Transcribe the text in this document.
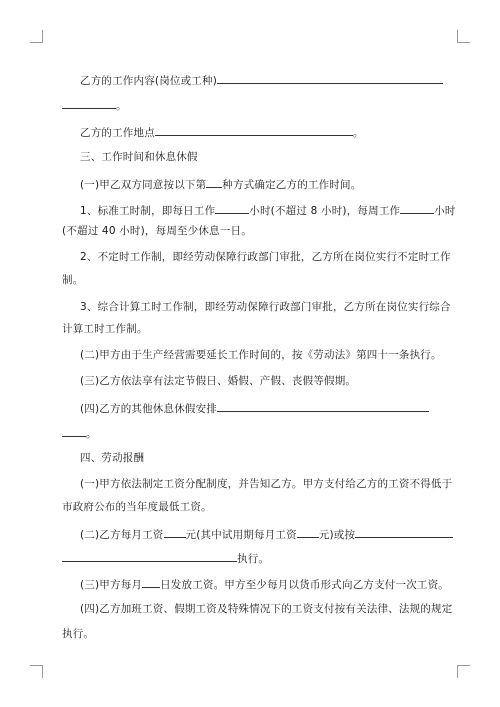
乙方的工作内容(岗位或工种)
。
乙方的工作地点	。
三、工作时间和休息休假
(一)甲乙双方同意按以下第 种方式确定乙方的工作时间。
1、标准工时制，即每日工作	小时(不超过 8 小时)，每周工作	小时
(不超过 40 小时)，每周至少休息一日。
2、不定时工作制，即经劳动保障行政部门审批，乙方所在岗位实行不定时工作
制。
3、综合计算工时工作制，即经劳动保障行政部门审批，乙方所在岗位实行综合
计算工时工作制。
(二)甲方由于生产经营需要延长工作时间的，按《劳动法》第四十一条执行。
(三)乙方依法享有法定节假日、婚假、产假、丧假等假期。
(四)乙方的其他休息休假安排
。
四、劳动报酬
(一)甲方依法制定工资分配制度，并告知乙方。甲方支付给乙方的工资不得低于
市政府公布的当年度最低工资。
(二)乙方每月工资 元(其中试用期每月工资 元)或按
执行。
(三)甲方每月 日发放工资。甲方至少每月以货币形式向乙方支付一次工资。
(四)乙方加班工资、假期工资及特殊情况下的工资支付按有关法律、法规的规定
执行。
